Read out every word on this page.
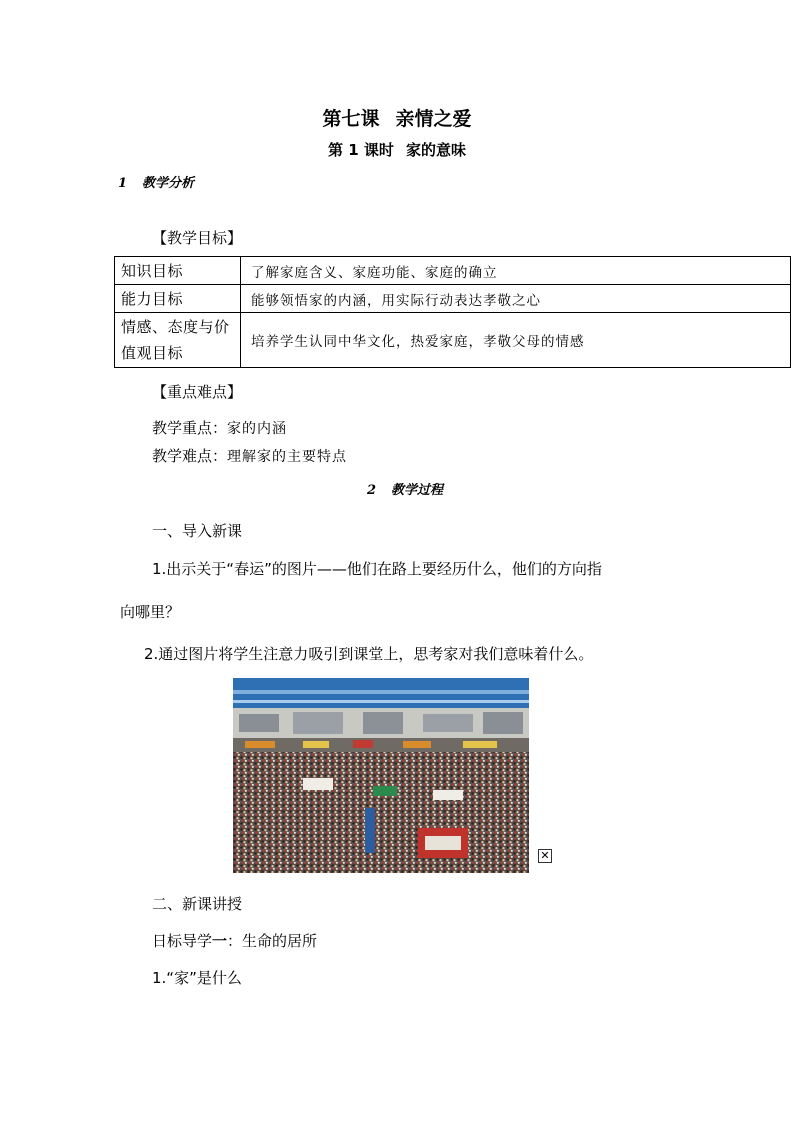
第七课 亲情之爱
第 1 课时 家的意味
1 教学分析
【教学目标】
知识目标	了解家庭含义、家庭功能、家庭的确立
能力目标	能够领悟家的内涵，用实际行动表达孝敬之心

情感、态度与价
值观目标	培养学生认同中华文化，热爱家庭，孝敬父母的情感
【重点难点】
教学重点：家的内涵
教学难点：理解家的主要特点
2 教学过程
一、导入新课
1.出示关于“春运”的图片——他们在路上要经历什么，他们的方向指
向哪里？
2.通过图片将学生注意力吸引到课堂上，思考家对我们意味着什么。
✕
二、新课讲授
日标导学一：生命的居所
1.“家”是什么
